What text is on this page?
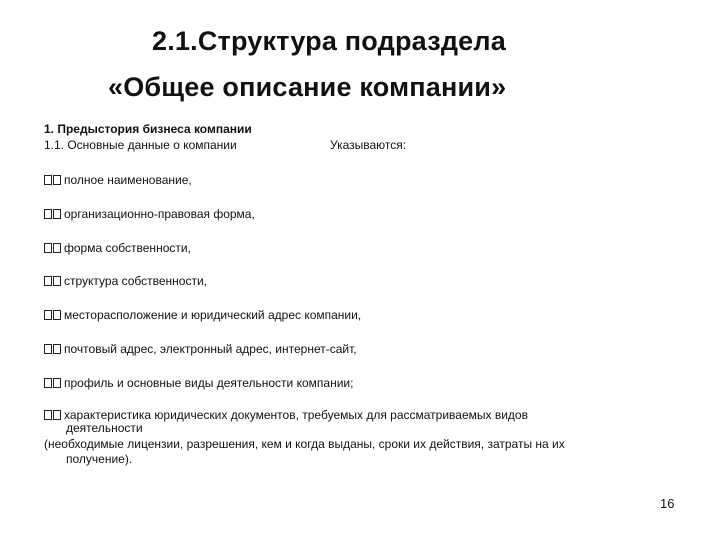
2.1.Структура подраздела
«Общее описание компании»
1. Предыстория бизнеса компании
1.1. Основные данные о компании	Указываются:
полное наименование,
организационно-правовая форма,
форма собственности,
структура собственности,
месторасположение и юридический адрес компании,
почтовый адрес, электронный адрес, интернет-сайт,
профиль и основные виды деятельности компании;
характеристика юридических документов, требуемых для рассматриваемых видов
деятельности
(необходимые лицензии, разрешения, кем и когда выданы, сроки их действия, затраты на их
получение).
16
